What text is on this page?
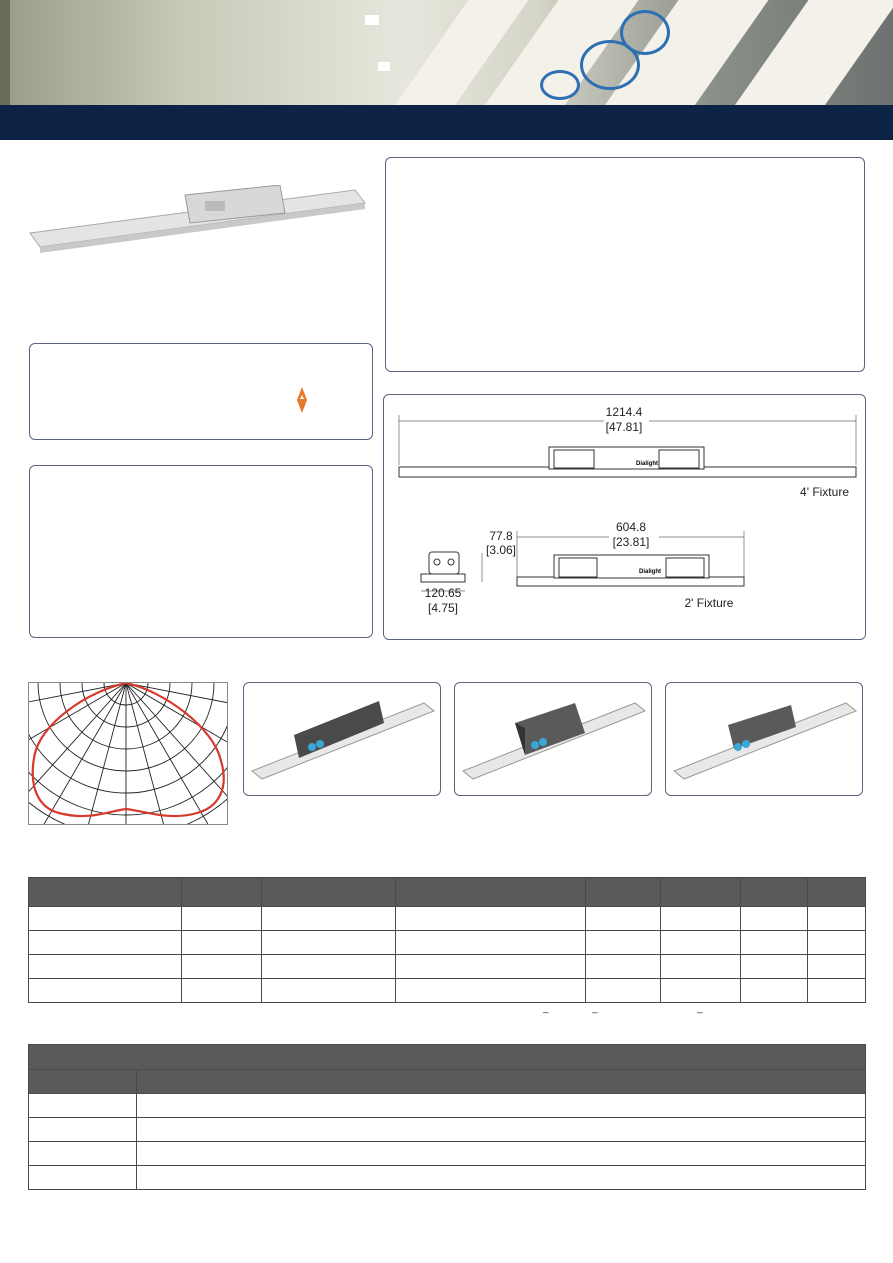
Dialight
Dialight
1214.4
[47.81]
4' Fixture
604.8
[23.81]
2' Fixture
77.8
[3.06]
120.65
[4.75]

_	_	_
